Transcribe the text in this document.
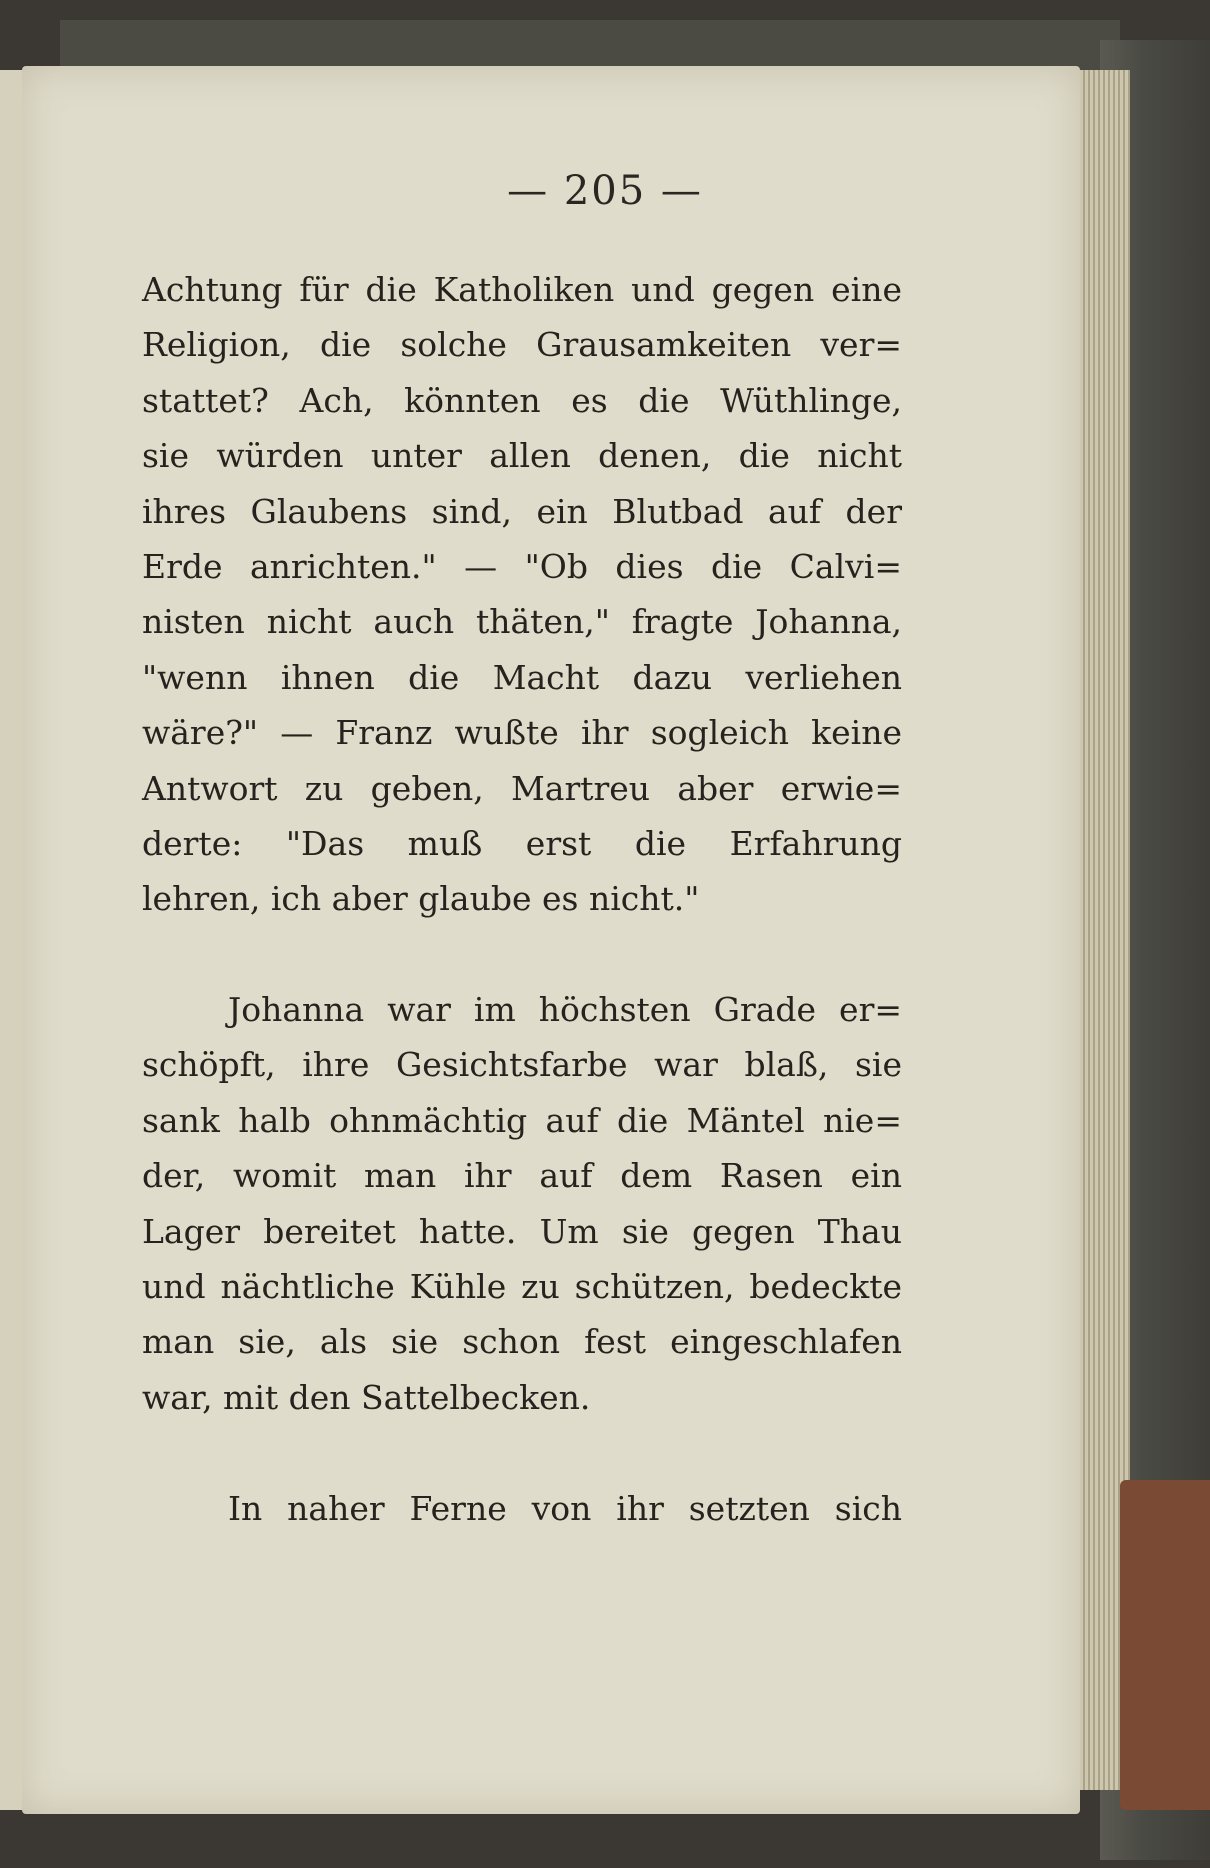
— 205 —
Achtung für die Katholiken und gegen eine
Religion, die solche Grausamkeiten ver=
stattet? Ach, könnten es die Wüthlinge,
sie würden unter allen denen, die nicht
ihres Glaubens sind, ein Blutbad auf der
Erde anrichten." — "Ob dies die Calvi=
nisten nicht auch thäten," fragte Johanna,
"wenn ihnen die Macht dazu verliehen
wäre?" — Franz wußte ihr sogleich keine
Antwort zu geben, Martreu aber erwie=
derte: "Das muß erst die Erfahrung
lehren, ich aber glaube es nicht."
Johanna war im höchsten Grade er=
schöpft, ihre Gesichtsfarbe war blaß, sie
sank halb ohnmächtig auf die Mäntel nie=
der, womit man ihr auf dem Rasen ein
Lager bereitet hatte. Um sie gegen Thau
und nächtliche Kühle zu schützen, bedeckte
man sie, als sie schon fest eingeschlafen
war, mit den Sattelbecken.
In naher Ferne von ihr setzten sich
